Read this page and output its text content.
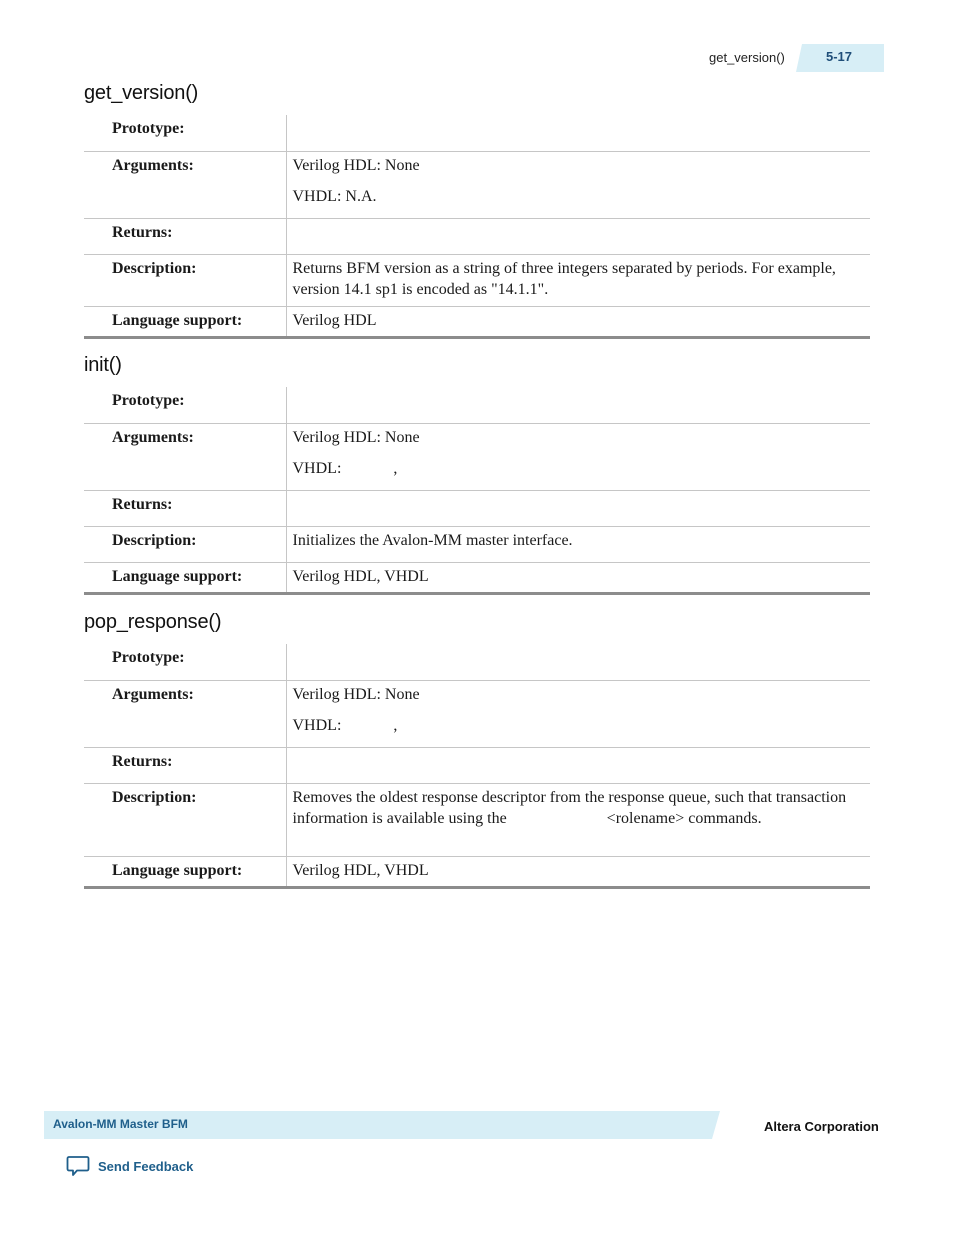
get_version()	5-17
get_version()
Prototype:	

Arguments:	Verilog HDL: None

VHDL: N.A.

Returns:	

Description:	Returns BFM version as a string of three integers separated by periods. For example, version 14.1 sp1 is encoded as "14.1.1".

Language support:	Verilog HDL

init()
Prototype:	

Arguments:	Verilog HDL: None

VHDL:             ,

Returns:	

Description:	Initializes the Avalon-MM master interface.

Language support:	Verilog HDL, VHDL

pop_response()
Prototype:	

Arguments:	Verilog HDL: None

VHDL:             ,

Returns:	

Description:	Removes the oldest response descriptor from the response queue, such that transaction information is available using the                         <rolename> commands.

Language support:	Verilog HDL, VHDL

Avalon-MM Master BFM	Altera Corporation
Send Feedback
